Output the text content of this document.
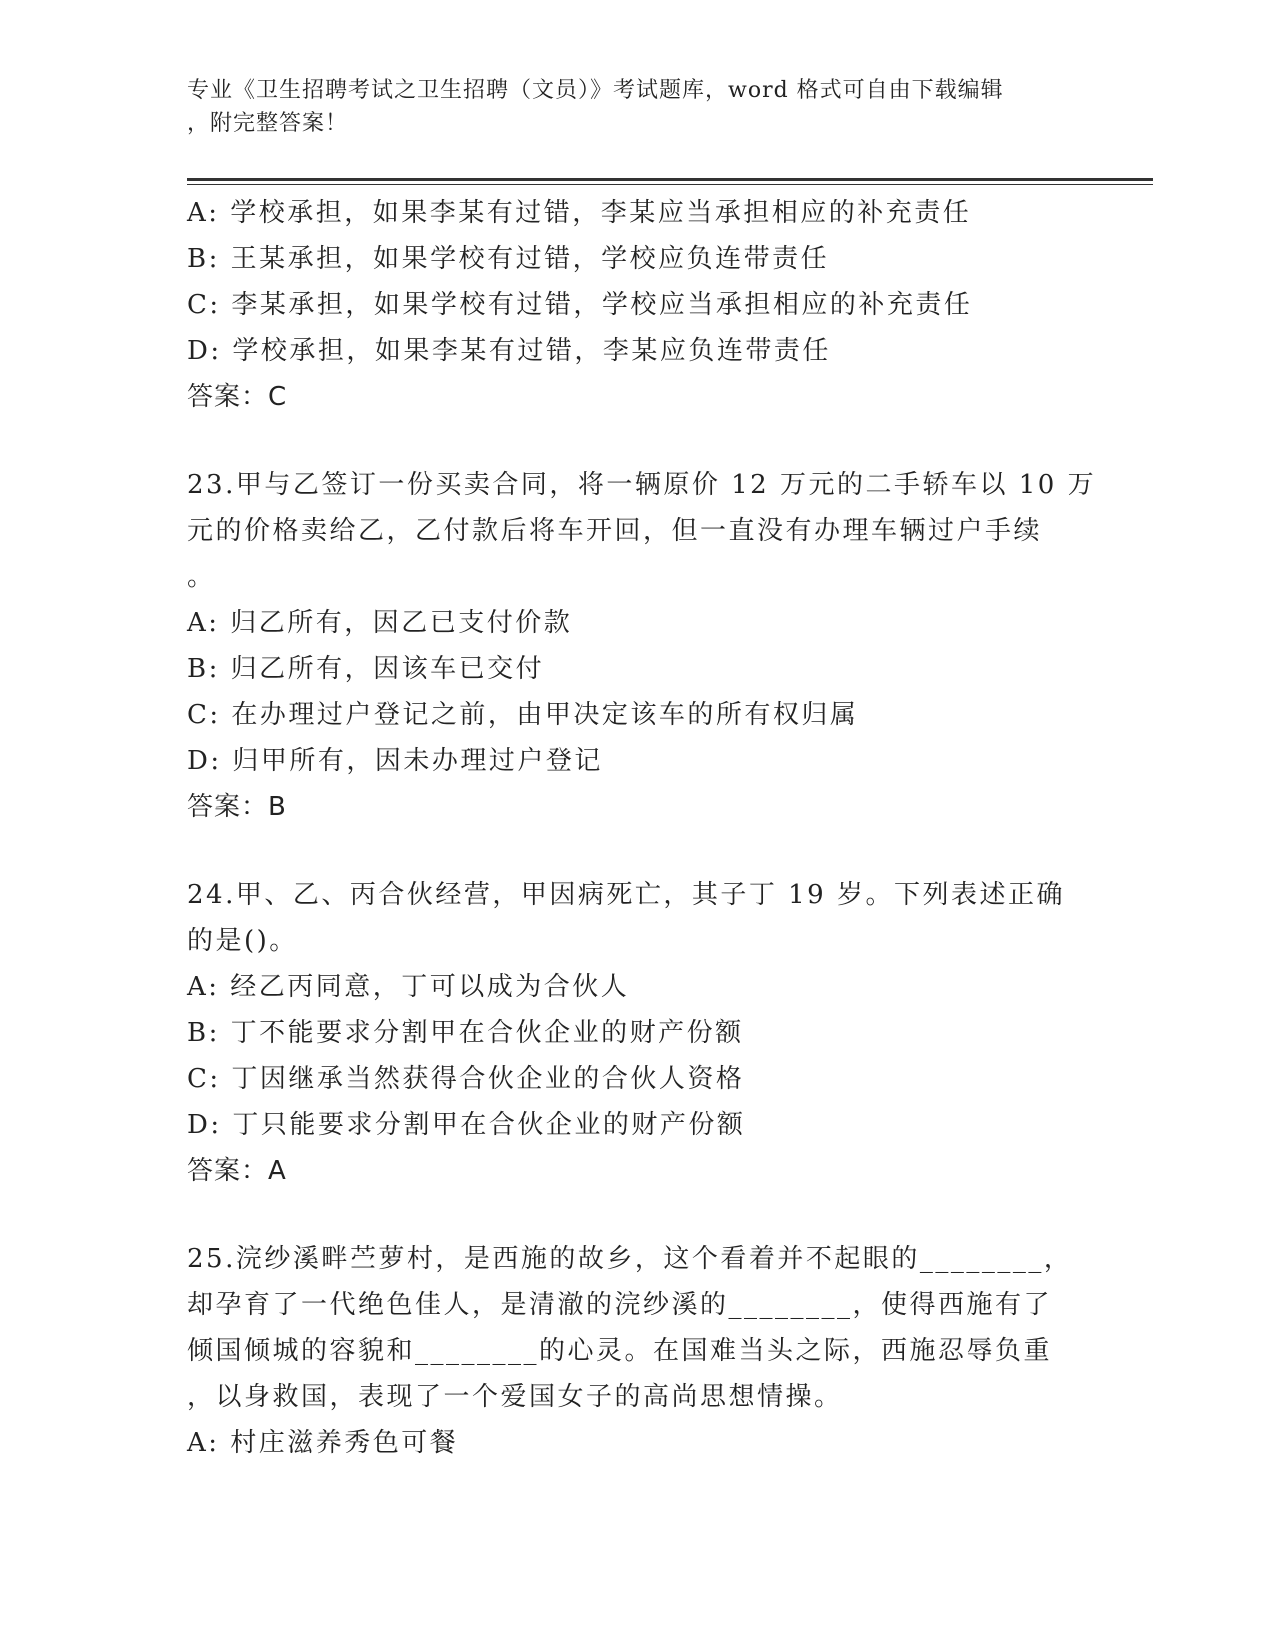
专业《卫生招聘考试之卫生招聘（文员）》考试题库，word 格式可自由下载编辑
，附完整答案！
A: 学校承担，如果李某有过错，李某应当承担相应的补充责任
B: 王某承担，如果学校有过错，学校应负连带责任
C: 李某承担，如果学校有过错，学校应当承担相应的补充责任
D: 学校承担，如果李某有过错，李某应负连带责任
答案：C
23.甲与乙签订一份买卖合同，将一辆原价 12 万元的二手轿车以 10 万
元的价格卖给乙，乙付款后将车开回，但一直没有办理车辆过户手续
。
A: 归乙所有，因乙已支付价款
B: 归乙所有，因该车已交付
C: 在办理过户登记之前，由甲决定该车的所有权归属
D: 归甲所有，因未办理过户登记
答案：B
24.甲、乙、丙合伙经营，甲因病死亡，其子丁 19 岁。下列表述正确
的是()。
A: 经乙丙同意，丁可以成为合伙人
B: 丁不能要求分割甲在合伙企业的财产份额
C: 丁因继承当然获得合伙企业的合伙人资格
D: 丁只能要求分割甲在合伙企业的财产份额
答案：A
25.浣纱溪畔苎萝村，是西施的故乡，这个看着并不起眼的________，
却孕育了一代绝色佳人，是清澈的浣纱溪的________，使得西施有了
倾国倾城的容貌和________的心灵。在国难当头之际，西施忍辱负重
，以身救国，表现了一个爱国女子的高尚思想情操。
A: 村庄滋养秀色可餐
